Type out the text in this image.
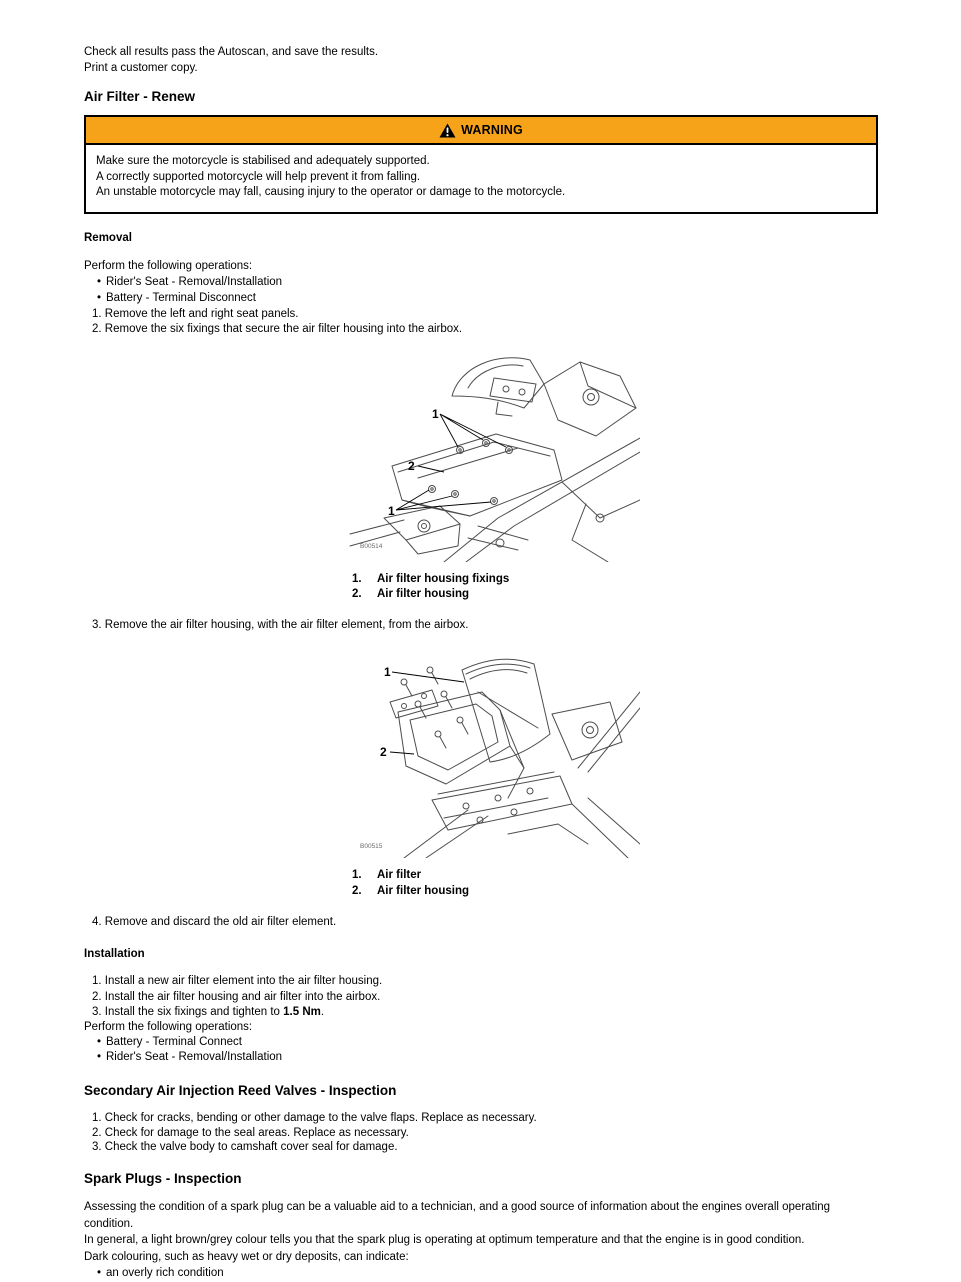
Check all results pass the Autoscan, and save the results.
Print a customer copy.
Air Filter - Renew
WARNING
Make sure the motorcycle is stabilised and adequately supported.
A correctly supported motorcycle will help prevent it from falling.
An unstable motorcycle may fall, causing injury to the operator or damage to the motorcycle.
Removal
Perform the following operations:
• Rider's Seat - Removal/Installation
• Battery - Terminal Disconnect
1. Remove the left and right seat panels.
2. Remove the six fixings that secure the air filter housing into the airbox.
1
2
1
B00514
1.	Air filter housing fixings
2.	Air filter housing
3. Remove the air filter housing, with the air filter element, from the airbox.
1
2
B00515
1.	Air filter
2.	Air filter housing
4. Remove and discard the old air filter element.
Installation
1. Install a new air filter element into the air filter housing.
2. Install the air filter housing and air filter into the airbox.
3. Install the six fixings and tighten to 1.5 Nm.
Perform the following operations:
• Battery - Terminal Connect
• Rider's Seat - Removal/Installation
Secondary Air Injection Reed Valves - Inspection
1. Check for cracks, bending or other damage to the valve flaps. Replace as necessary.
2. Check for damage to the seal areas. Replace as necessary.
3. Check the valve body to camshaft cover seal for damage.
Spark Plugs - Inspection
Assessing the condition of a spark plug can be a valuable aid to a technician, and a good source of information about the engines overall operating condition.
In general, a light brown/grey colour tells you that the spark plug is operating at optimum temperature and that the engine is in good condition.
Dark colouring, such as heavy wet or dry deposits, can indicate:
• an overly rich condition
